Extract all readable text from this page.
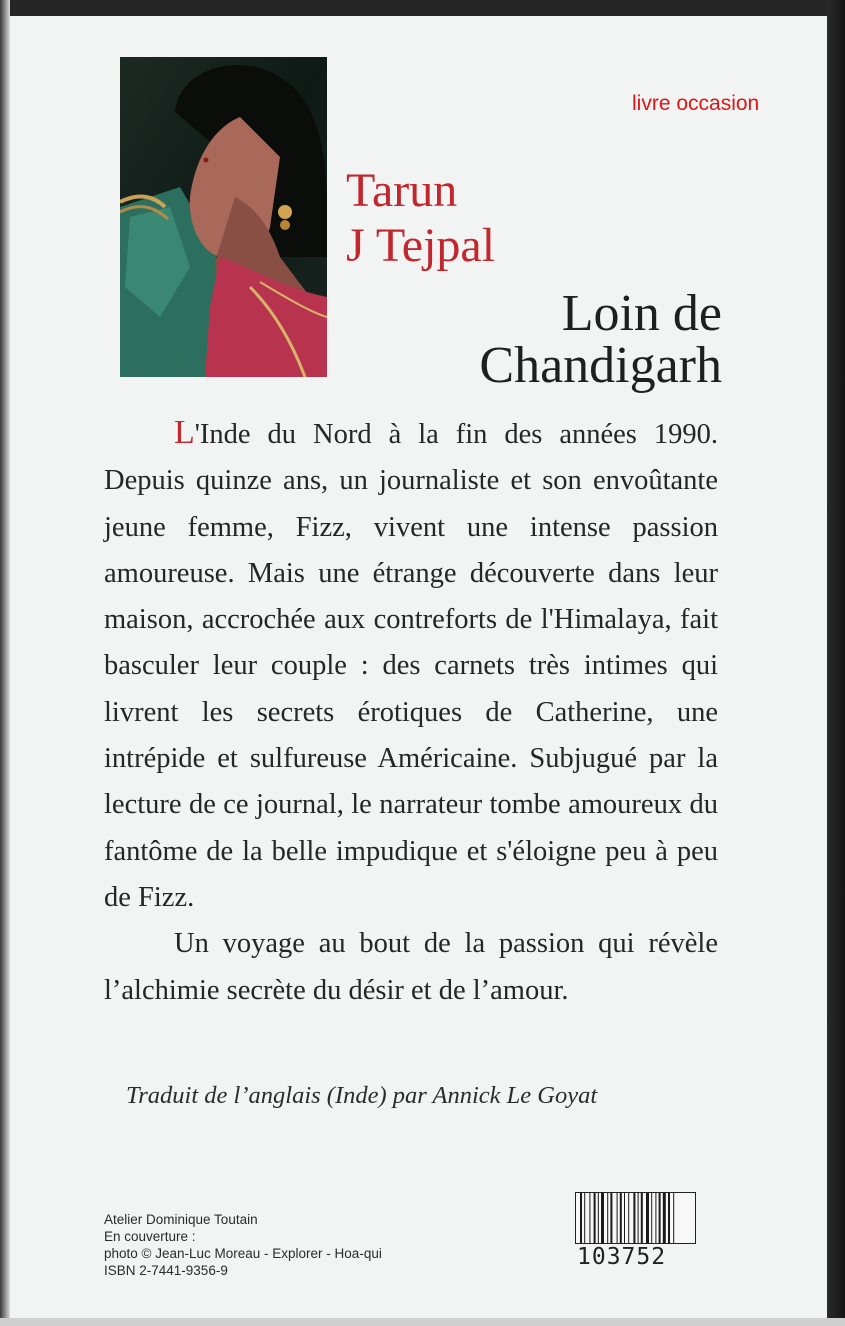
livre occasion
Tarun
J Tejpal
Loin de
Chandigarh

L'Inde du Nord à la fin des années 1990. Depuis quinze ans, un journaliste et son envoûtante jeune femme, Fizz, vivent une intense passion amoureuse. Mais une étrange découverte dans leur maison, accrochée aux contreforts de l'Himalaya, fait basculer leur couple : des carnets très intimes qui livrent les secrets érotiques de Catherine, une intrépide et sulfureuse Américaine. Subjugué par la lecture de ce journal, le narrateur tombe amoureux du fantôme de la belle impudique et s'éloigne peu à peu de Fizz.

Un voyage au bout de la passion qui révèle l’alchimie secrète du désir et de l’amour.

Traduit de l’anglais (Inde) par Annick Le Goyat
Atelier Dominique Toutain
En couverture :
photo © Jean-Luc Moreau - Explorer - Hoa-qui
ISBN 2-7441-9356-9
103752
